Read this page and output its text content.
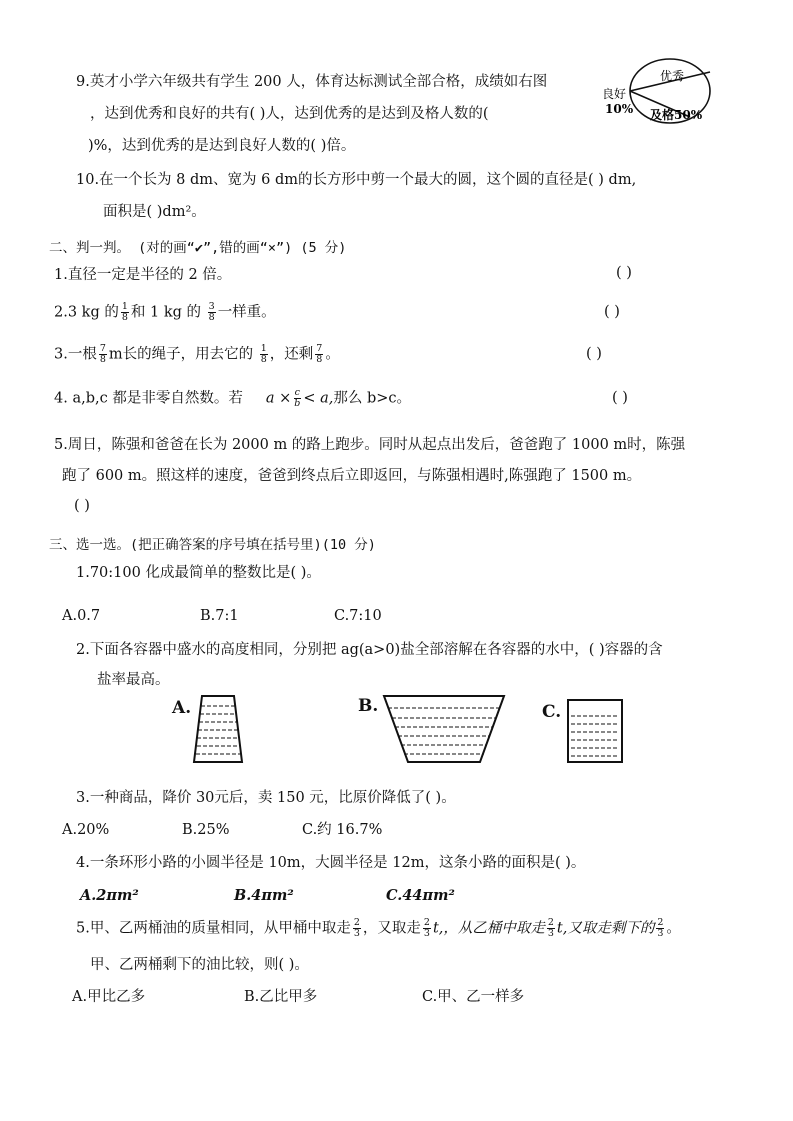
9.英才小学六年级共有学生 200 人，体育达标测试全部合格，成绩如右图
，达到优秀和良好的共有( )人，达到优秀的是达到及格人数的(
)%，达到优秀的是达到良好人数的( )倍。
优秀
良好
10% 及格50%
10.在一个长为 8 dm、宽为 6 dm的长方形中剪一个最大的圆，这个圆的直径是( ) dm,
面积是( )dm²。
二、判一判。 (对的画“✔”,错的画“×”) (5 分)
1.直径一定是半径的 2 倍。	( )
2.3 kg 的 $\frac{1}{8}$ 和 1 kg 的 $\frac{3}{8}$ 一样重。	( )
3.一根 $\frac{7}{8}$ m长的绳子，用去它的 $\frac{1}{8}$ ，还剩 $\frac{7}{8}$ 。	( )
4. a,b,c 都是非零自然数。若 $a \times \frac{c}{b} < a$,那么 b>c。	( )
5.周日，陈强和爸爸在长为 2000 m 的路上跑步。同时从起点出发后，爸爸跑了 1000 m时，陈强
跑了 600 m。照这样的速度，爸爸到终点后立即返回，与陈强相遇时,陈强跑了 1500 m。
( )
三、选一选。(把正确答案的序号填在括号里)(10 分)
1.70:100 化成最简单的整数比是( )。
A.0.7	B.7:1	C.7:10
2.下面各容器中盛水的高度相同，分别把 ag(a>0)盐全部溶解在各容器的水中，( )容器的含
盐率最高。
A.	B.	C.
3.一种商品，降价 30元后，卖 150 元，比原价降低了( )。
A.20%	B.25%	C.约 16.7%
4.一条环形小路的小圆半径是 10m，大圆半径是 12m，这条小路的面积是( )。
A.2πm²	B.4πm²	C.44πm²
5.甲、乙两桶油的质量相同，从甲桶中取走 $\frac{2}{3}$ ，又取走 $\frac{2}{3} t$,，从乙桶中取走 $\frac{2}{3} t$,又取走剩下的 $\frac{2}{3}$ 。
甲、乙两桶剩下的油比较，则( )。
A.甲比乙多	B.乙比甲多	C.甲、乙一样多
